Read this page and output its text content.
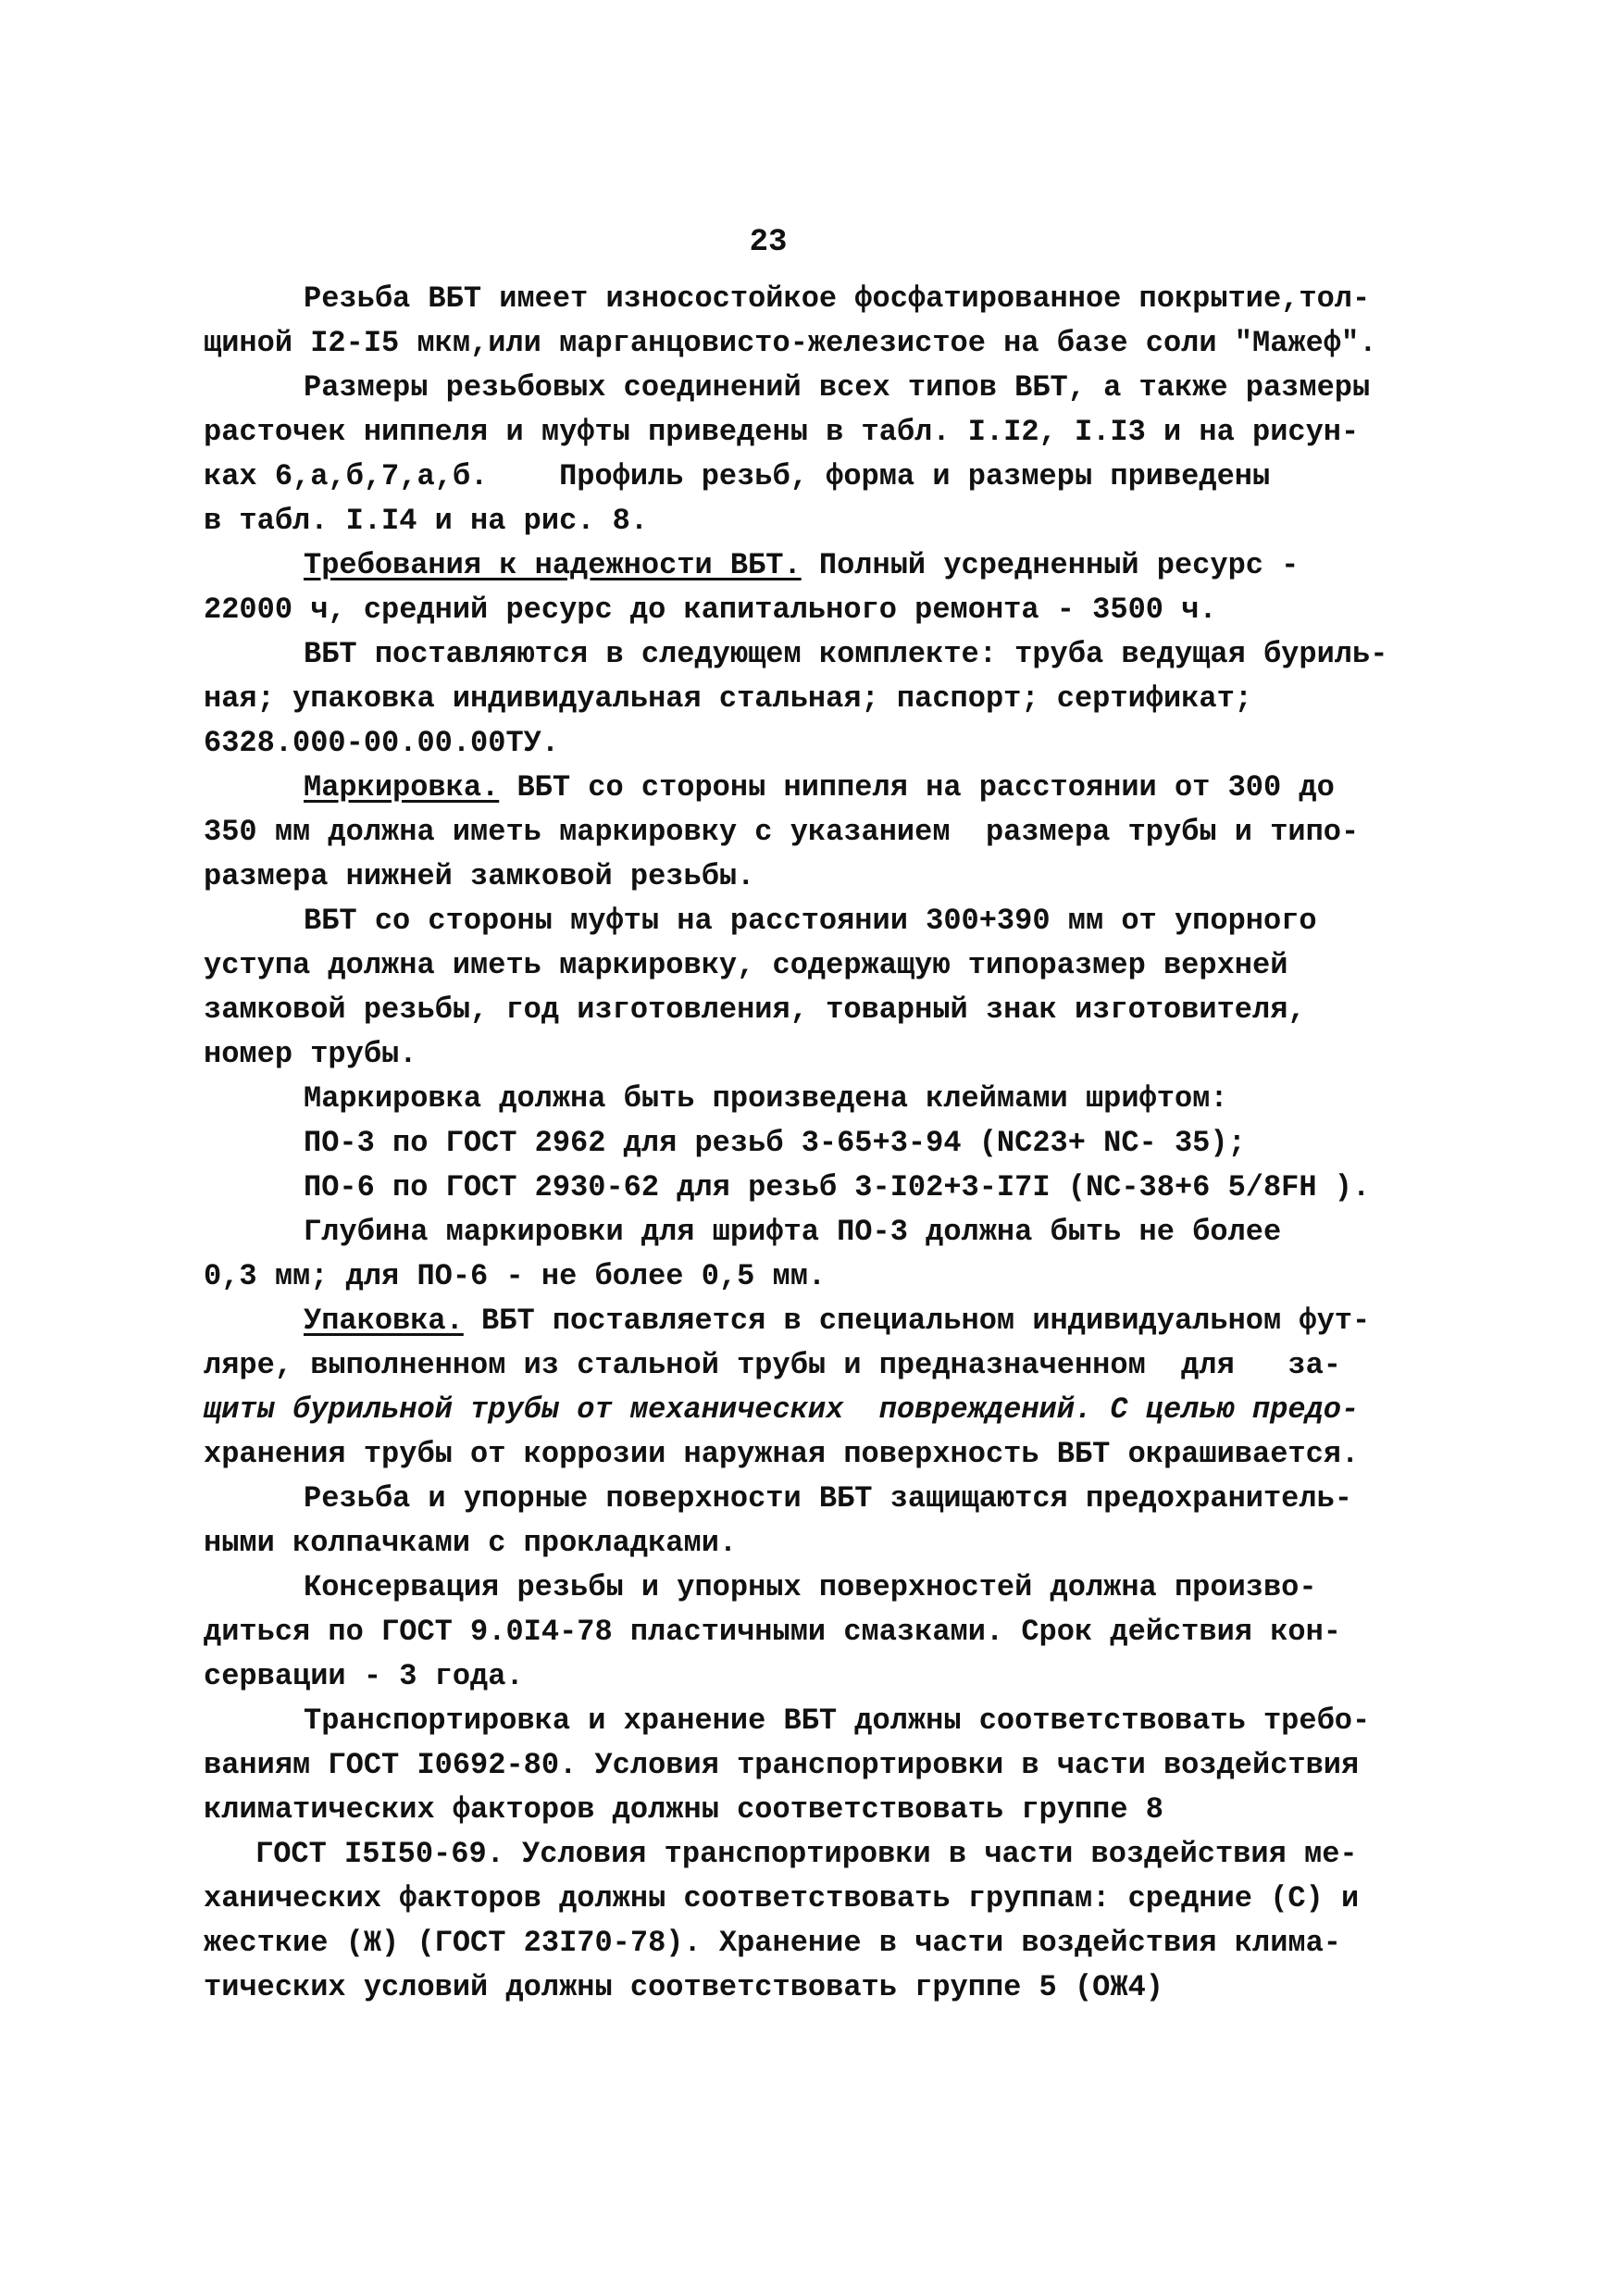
23
Резьба ВБТ имеет износостойкое фосфатированное покрытие,тол-
щиной I2-I5 мкм,или марганцовисто-железистое на базе соли "Мажеф".
Размеры резьбовых соединений всех типов ВБТ, а также размеры
расточек ниппеля и муфты приведены в табл. I.I2, I.I3 и на рисун-
ках 6,а,б,7,а,б.    Профиль резьб, форма и размеры приведены
в табл. I.I4 и на рис. 8.
Требования к надежности ВБТ. Полный усредненный ресурс -
22000 ч, средний ресурс до капитального ремонта - 3500 ч.
ВБТ поставляются в следующем комплекте: труба ведущая буриль-
ная; упаковка индивидуальная стальная; паспорт; сертификат;
6328.000-00.00.00ТУ.
Маркировка. ВБТ со стороны ниппеля на расстоянии от 300 до
350 мм должна иметь маркировку с указанием  размера трубы и типо-
размера нижней замковой резьбы.
ВБТ со стороны муфты на расстоянии 300+390 мм от упорного
уступа должна иметь маркировку, содержащую типоразмер верхней
замковой резьбы, год изготовления, товарный знак изготовителя,
номер трубы.
Маркировка должна быть произведена клеймами шрифтом:
ПО-3 по ГОСТ 2962 для резьб 3-65+3-94 (NC23+ NC- 35);
ПО-6 по ГОСТ 2930-62 для резьб 3-I02+3-I7I (NC-38+6 5/8FH ).
Глубина маркировки для шрифта ПО-3 должна быть не более
0,3 мм; для ПО-6 - не более 0,5 мм.
Упаковка. ВБТ поставляется в специальном индивидуальном фут-
ляре, выполненном из стальной трубы и предназначенном  для   за-
щиты бурильной трубы от механических  повреждений. С целью предо-
хранения трубы от коррозии наружная поверхность ВБТ окрашивается.
Резьба и упорные поверхности ВБТ защищаются предохранитель-
ными колпачками с прокладками.
Консервация резьбы и упорных поверхностей должна произво-
диться по ГОСТ 9.0I4-78 пластичными смазками. Срок действия кон-
сервации - 3 года.
Транспортировка и хранение ВБТ должны соответствовать требо-
ваниям ГОСТ I0692-80. Условия транспортировки в части воздействия
климатических факторов должны соответствовать группе 8
ГОСТ I5I50-69. Условия транспортировки в части воздействия ме-
ханических факторов должны соответствовать группам: средние (С) и
жесткие (Ж) (ГОСТ 23I70-78). Хранение в части воздействия клима-
тических условий должны соответствовать группе 5 (ОЖ4)
